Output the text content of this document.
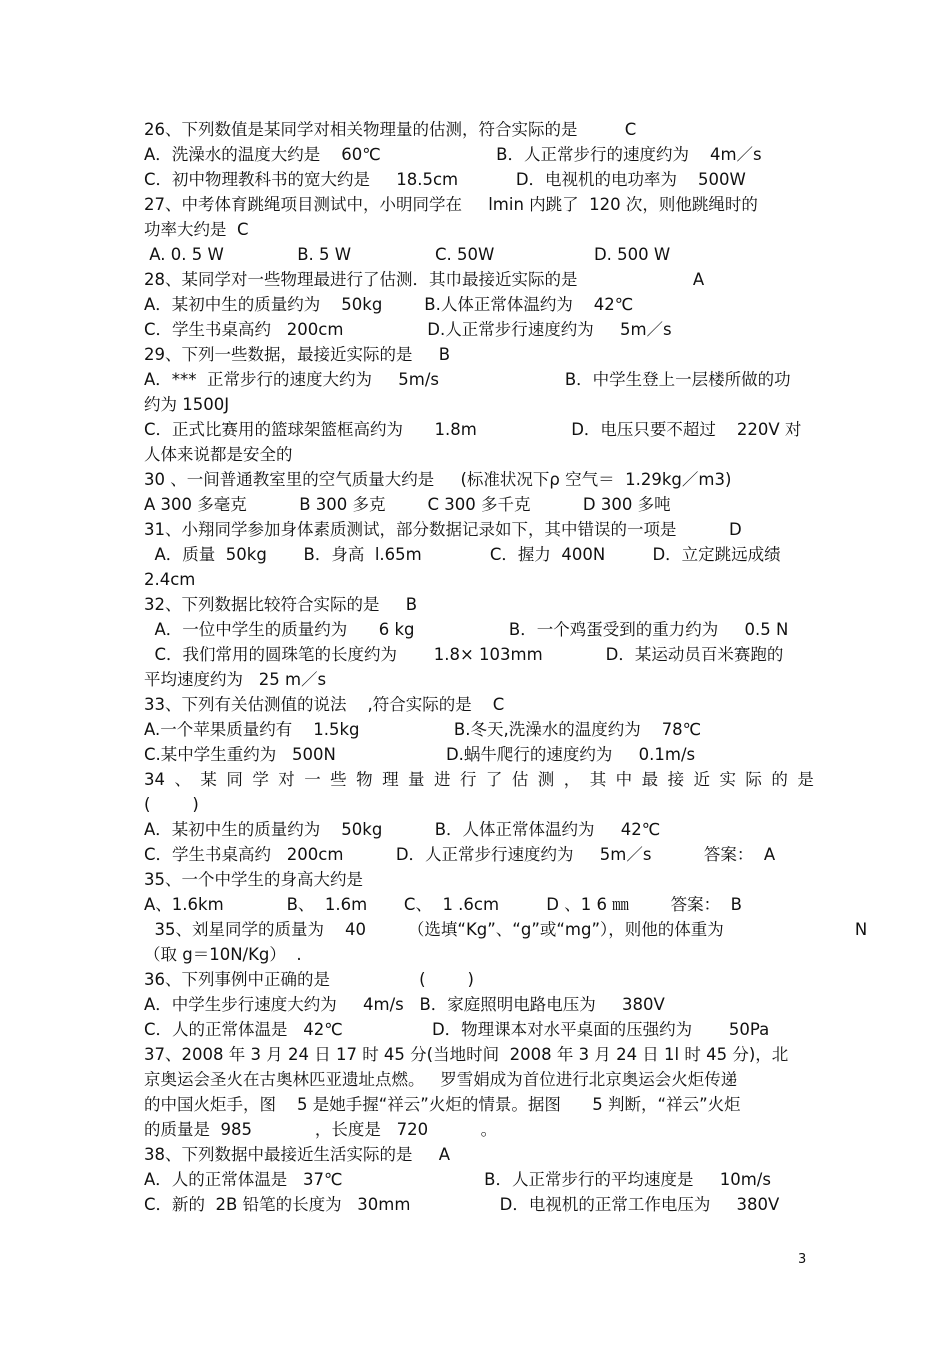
26、下列数值是某同学对相关物理量的估测，符合实际的是         C
A．洗澡水的温度大约是    60℃                      B．人正常步行的速度约为    4m／s
C．初中物理教科书的宽大约是     18.5cm           D．电视机的电功率为    500W
27、中考体育跳绳项目测试中，小明同学在     lmin 内跳了  120 次，则他跳绳时的
功率大约是  C
A. 0. 5 W              B. 5 W                C. 50W                   D. 500 W
28、某同学对一些物理最进行了估测．其巾最接近实际的是                      A
A．某初中生的质量约为    50kg        B.人体正常体温约为    42℃
C．学生书桌高约   200cm                D.人正常步行速度约为     5m／s
29、下列一些数据，最接近实际的是     B
A．***  正常步行的速度大约为     5m/s                        B．中学生登上一层楼所做的功
约为 1500J
C．正式比赛用的篮球架篮框高约为      1.8m                  D．电压只要不超过    220V 对
人体来说都是安全的
30 、一间普通教室里的空气质量大约是     (标准状况下ρ 空气＝  1.29kg／m3)
A 300 多毫克          B 300 多克        C 300 多千克          D 300 多吨
31、小翔同学参加身体素质测试，部分数据记录如下，其中错误的一项是          D
A．质量  50kg       B．身高  l.65m             C．握力  400N         D．立定跳远成绩
2.4cm
32、下列数据比较符合实际的是     B
A．一位中学生的质量约为      6 kg                  B．一个鸡蛋受到的重力约为     0.5 N
C．我们常用的圆珠笔的长度约为       1.8× 103mm            D．某运动员百米赛跑的
平均速度约为   25 m／s
33、下列有关估测值的说法    ,符合实际的是    C
A.一个苹果质量约有    1.5kg                  B.冬天,洗澡水的温度约为    78℃
C.某中学生重约为   500N                     D.蜗牛爬行的速度约为     0.1m/s
34 、 某 同 学 对 一 些 物 理 量 进 行 了 估 测 ， 其 中 最 接 近 实 际 的 是
(        )
A．某初中生的质量约为    50kg          B．人体正常体温约为     42℃
C．学生书桌高约   200cm          D．人正常步行速度约为     5m／s          答案：  A
35、一个中学生的身高大约是
A、1.6km            B、  1.6m       C、  1 .6cm         D 、1 6 ㎜        答案：  B
35、刘星同学的质量为    40        （选填“Kg”、“g”或“mg”），则他的体重为                         N
（取 g＝10N/Kg）  .
36、下列事例中正确的是                 (        )
A．中学生步行速度大约为     4m/s   B．家庭照明电路电压为     380V
C．人的正常体温是   42℃                 D．物理课本对水平桌面的压强约为       50Pa
37、2008 年 3 月 24 日 17 时 45 分(当地时间  2008 年 3 月 24 日 1l 时 45 分)，北
京奥运会圣火在古奥林匹亚遗址点燃。   罗雪娟成为首位进行北京奥运会火炬传递
的中国火炬手，图    5 是她手握“祥云”火炬的情景。据图      5 判断，“祥云”火炬
的质量是  985            ，长度是   720          。
38、下列数据中最接近生活实际的是     A
A．人的正常体温是   37℃                           B．人正常步行的平均速度是     10m/s
C．新的  2B 铅笔的长度为   30mm                 D．电视机的正常工作电压为     380V
3
